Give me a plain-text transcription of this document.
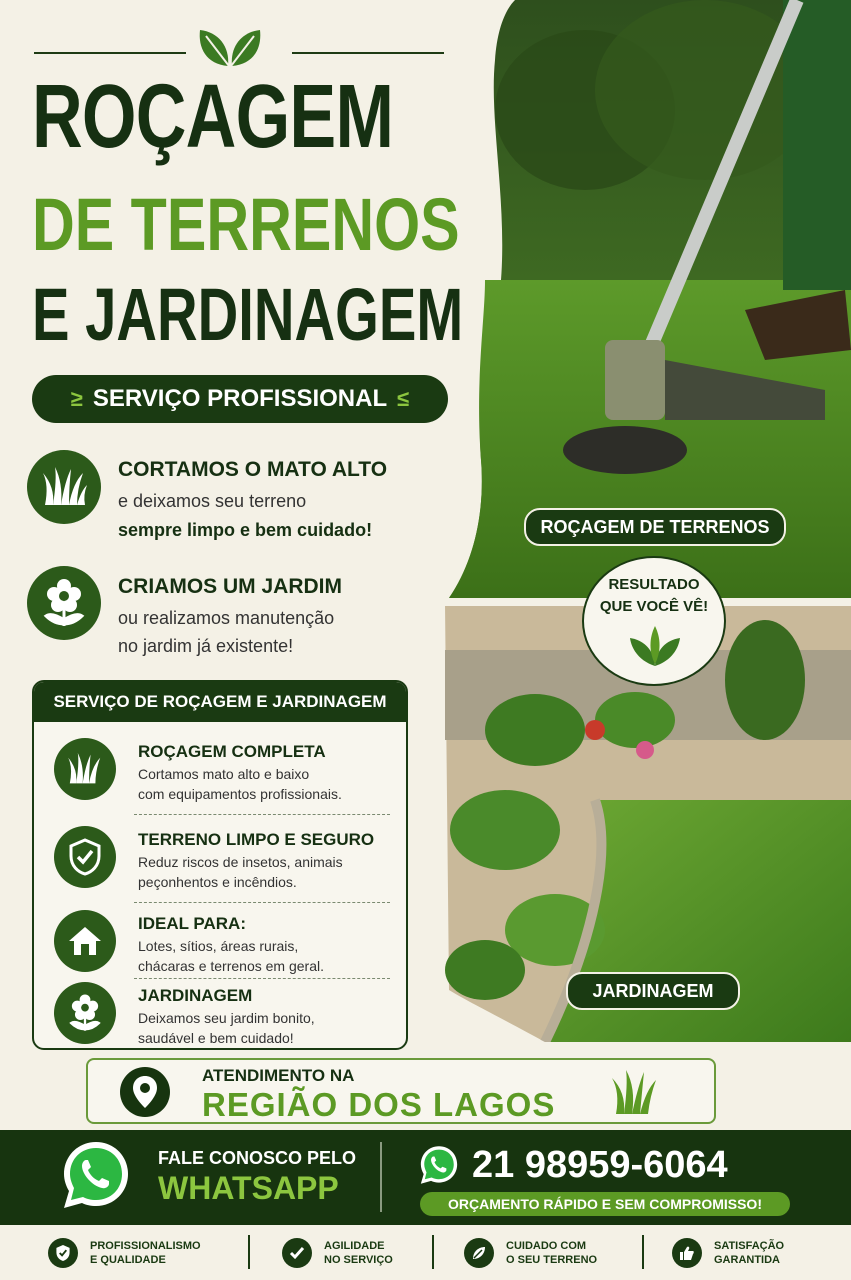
ROÇAGEM
DE TERRENOS
E JARDINAGEM
≥ SERVIÇO PROFISSIONAL ≤
CORTAMOS O MATO ALTO
e deixamos seu terreno
sempre limpo e bem cuidado!
CRIAMOS UM JARDIM
ou realizamos manutenção
no jardim já existente!
SERVIÇO DE ROÇAGEM E JARDINAGEM
ROÇAGEM COMPLETA
Cortamos mato alto e baixo
com equipamentos profissionais.
TERRENO LIMPO E SEGURO
Reduz riscos de insetos, animais
peçonhentos e incêndios.
IDEAL PARA:
Lotes, sítios, áreas rurais,
chácaras e terrenos em geral.
JARDINAGEM
Deixamos seu jardim bonito,
saudável e bem cuidado!
ROÇAGEM DE TERRENOS
RESULTADO
QUE VOCÊ VÊ!
JARDINAGEM
ATENDIMENTO NA
REGIÃO DOS LAGOS
FALE CONOSCO PELO
WHATSAPP
21 98959-6064
ORÇAMENTO RÁPIDO E SEM COMPROMISSO!
PROFISSIONALISMO
E QUALIDADE
AGILIDADE
NO SERVIÇO
CUIDADO COM
O SEU TERRENO
SATISFAÇÃO
GARANTIDA
